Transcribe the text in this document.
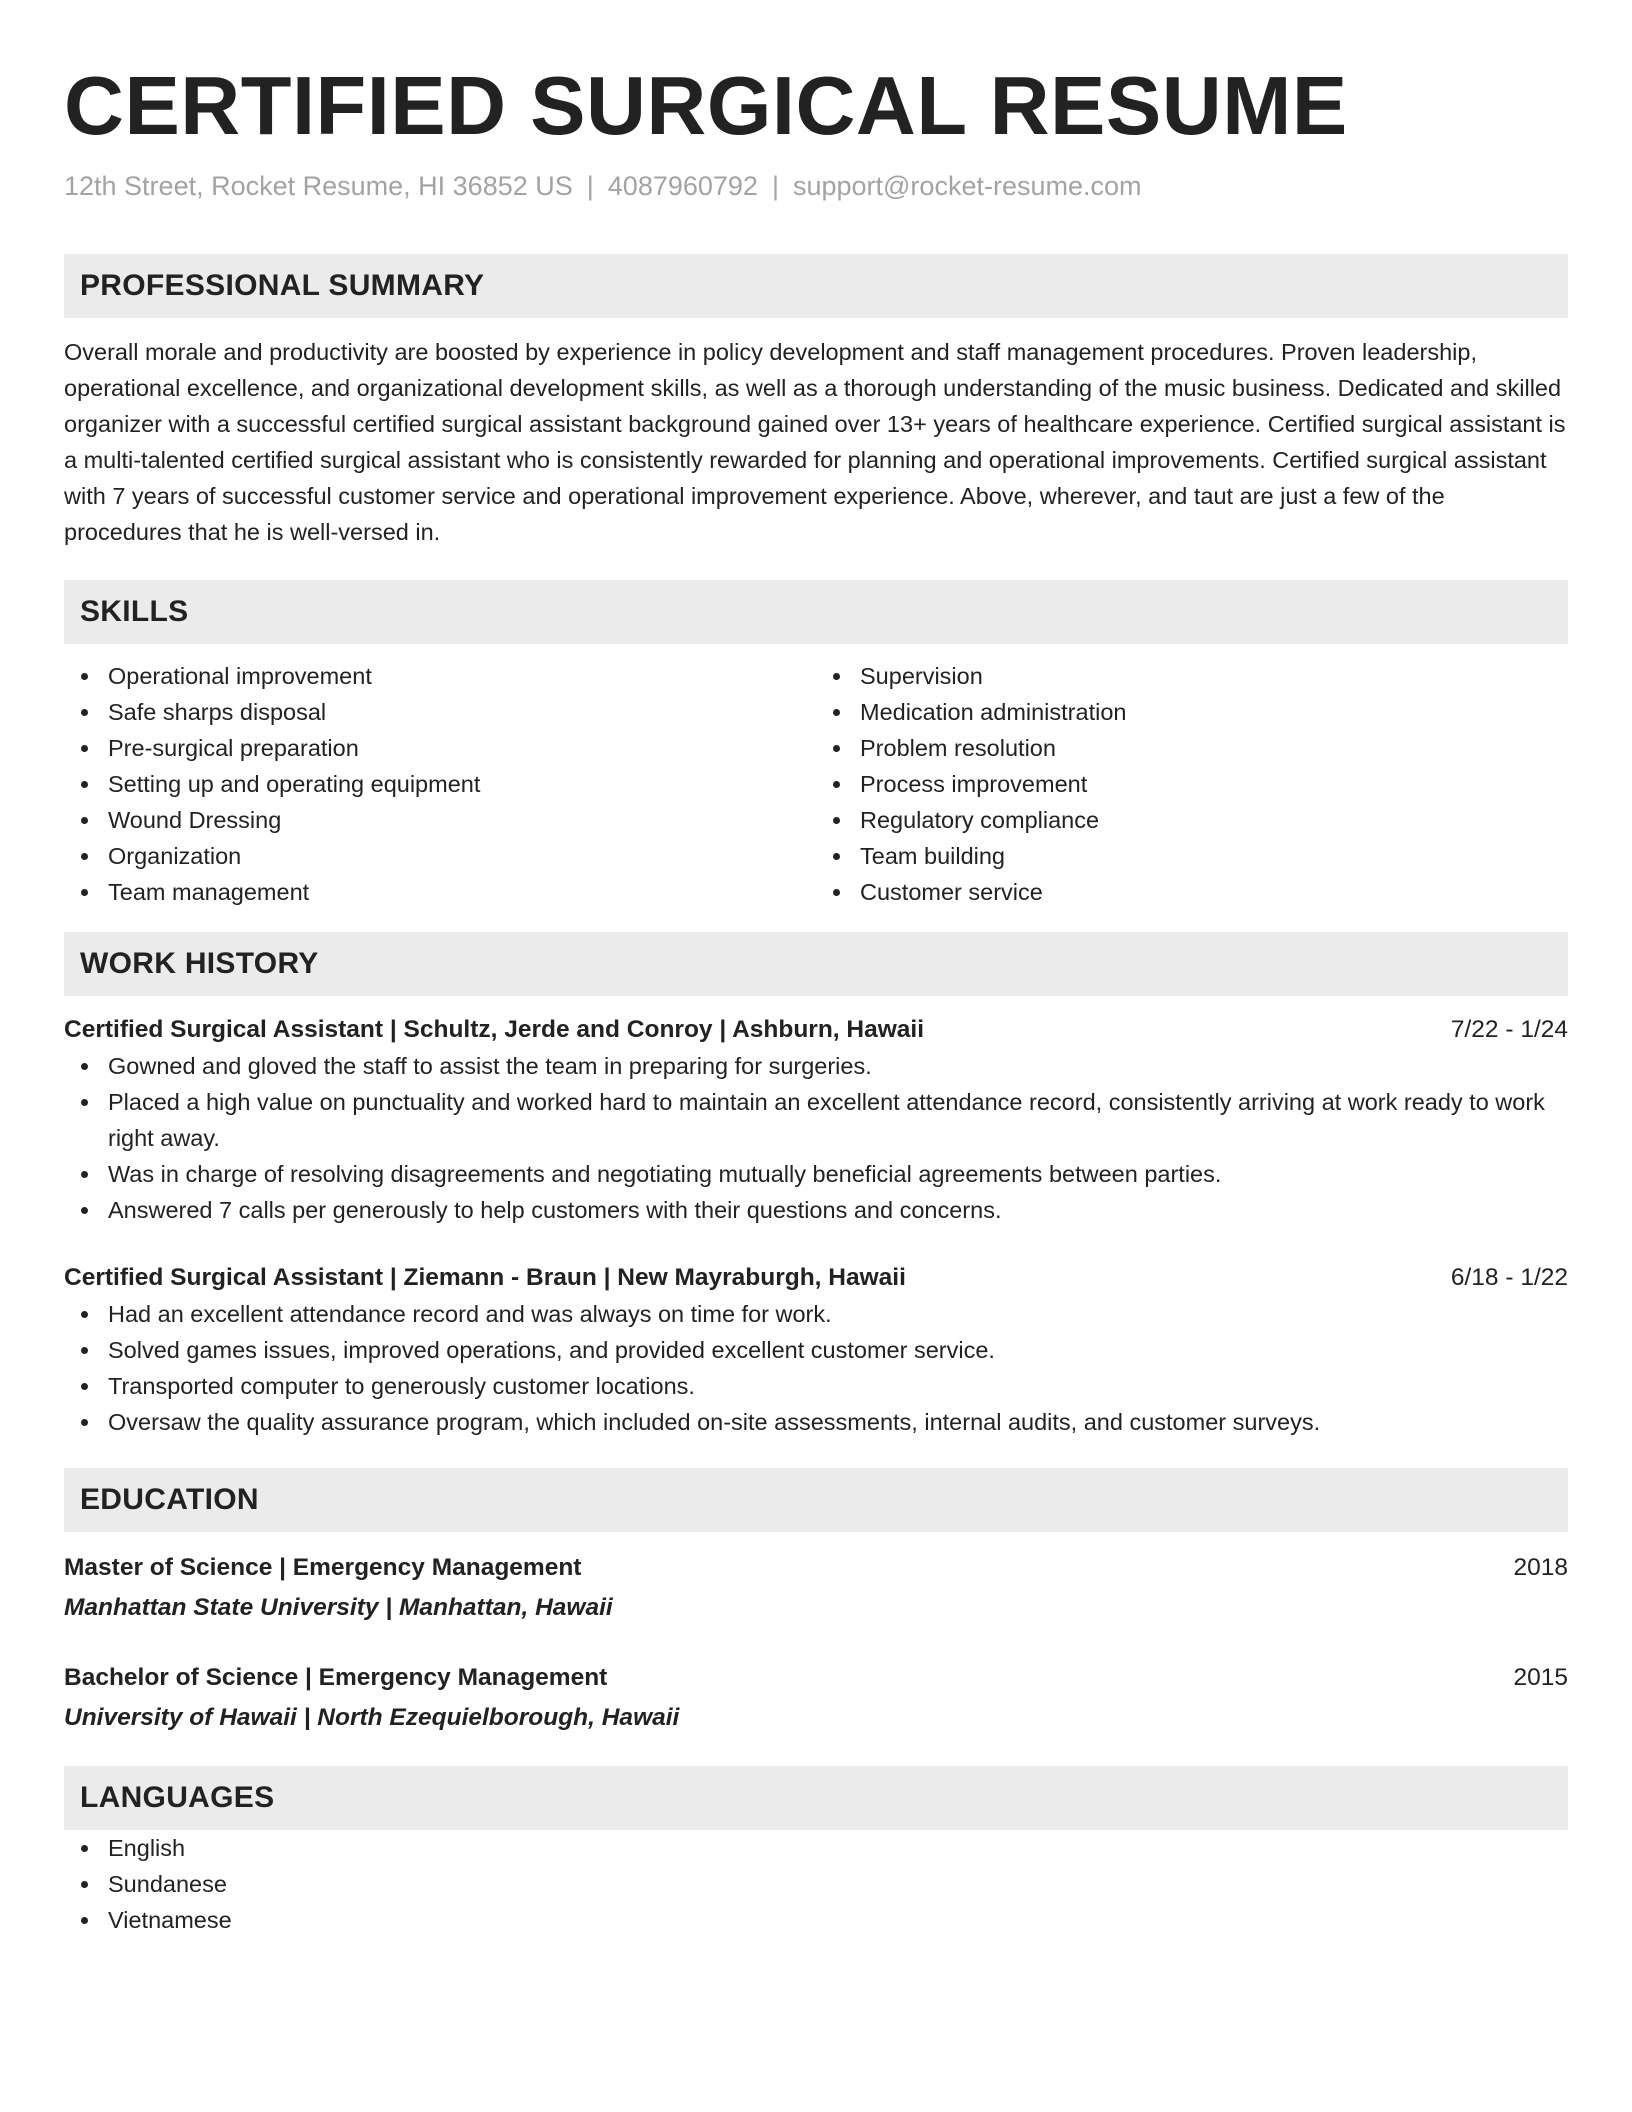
CERTIFIED SURGICAL RESUME
12th Street, Rocket Resume, HI 36852 US | 4087960792 | support@rocket-resume.com
PROFESSIONAL SUMMARY

Overall morale and productivity are boosted by experience in policy development and staff management procedures. Proven leadership, operational excellence, and organizational development skills, as well as a thorough understanding of the music business. Dedicated and skilled organizer with a successful certified surgical assistant background gained over 13+ years of healthcare experience. Certified surgical assistant is a multi-talented certified surgical assistant who is consistently rewarded for planning and operational improvements. Certified surgical assistant with 7 years of successful customer service and operational improvement experience. Above, wherever, and taut are just a few of the procedures that he is well-versed in.

SKILLS
Operational improvement
Safe sharps disposal
Pre-surgical preparation
Setting up and operating equipment
Wound Dressing
Organization
Team management
Supervision
Medication administration
Problem resolution
Process improvement
Regulatory compliance
Team building
Customer service
WORK HISTORY
Certified Surgical Assistant | Schultz, Jerde and Conroy | Ashburn, Hawaii	7/22 - 1/24
Gowned and gloved the staff to assist the team in preparing for surgeries.
Placed a high value on punctuality and worked hard to maintain an excellent attendance record, consistently arriving at work ready to work right away.
Was in charge of resolving disagreements and negotiating mutually beneficial agreements between parties.
Answered 7 calls per generously to help customers with their questions and concerns.
Certified Surgical Assistant | Ziemann - Braun | New Mayraburgh, Hawaii	6/18 - 1/22
Had an excellent attendance record and was always on time for work.
Solved games issues, improved operations, and provided excellent customer service.
Transported computer to generously customer locations.
Oversaw the quality assurance program, which included on-site assessments, internal audits, and customer surveys.
EDUCATION
Master of Science | Emergency Management	2018
Manhattan State University | Manhattan, Hawaii
Bachelor of Science | Emergency Management	2015
University of Hawaii | North Ezequielborough, Hawaii
LANGUAGES
English
Sundanese
Vietnamese
